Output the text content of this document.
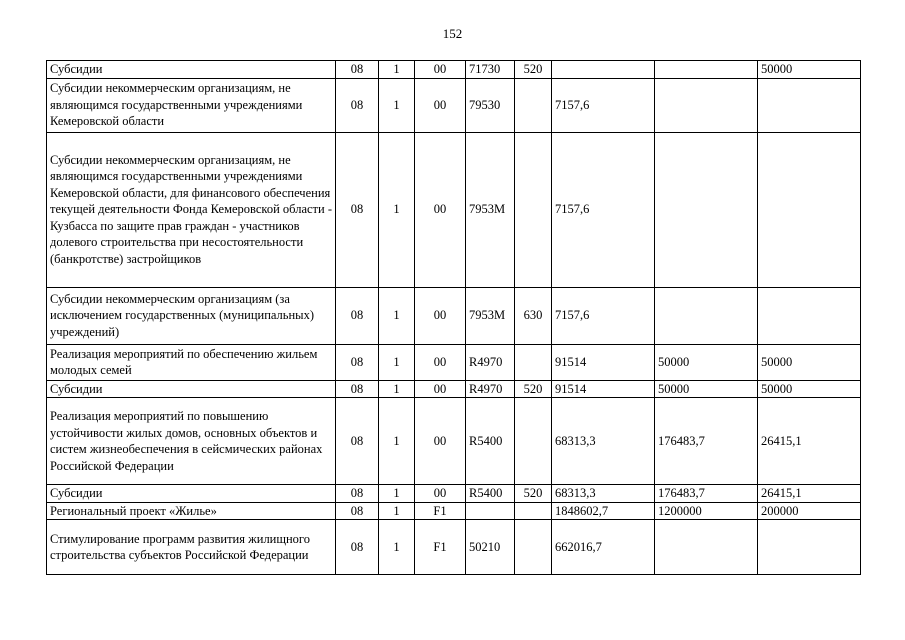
152
Субсидии	08	1	00	71730	520			50000
Субсидии некоммерческим организациям, не являющимся государственными учреждениями Кемеровской области	08	1	00	79530		7157,6		
Субсидии некоммерческим организациям, не являющимся государственными учреждениями Кемеровской области, для финансового обеспечения текущей деятельности Фонда Кемеровской области - Кузбасса по защите прав граждан - участников долевого строительства при несостоятельности (банкротстве) застройщиков	08	1	00	7953М		7157,6		
Субсидии некоммерческим организациям (за исключением государственных (муниципальных) учреждений)	08	1	00	7953М	630	7157,6		
Реализация мероприятий по обеспечению жильем молодых семей	08	1	00	R4970		91514	50000	50000
Субсидии	08	1	00	R4970	520	91514	50000	50000
Реализация мероприятий по повышению устойчивости жилых домов, основных объектов и систем жизнеобеспечения в сейсмических районах Российской Федерации	08	1	00	R5400		68313,3	176483,7	26415,1
Субсидии	08	1	00	R5400	520	68313,3	176483,7	26415,1
Региональный проект «Жилье»	08	1	F1			1848602,7	1200000	200000
Стимулирование программ развития жилищного строительства субъектов Российской Федерации	08	1	F1	50210		662016,7		
